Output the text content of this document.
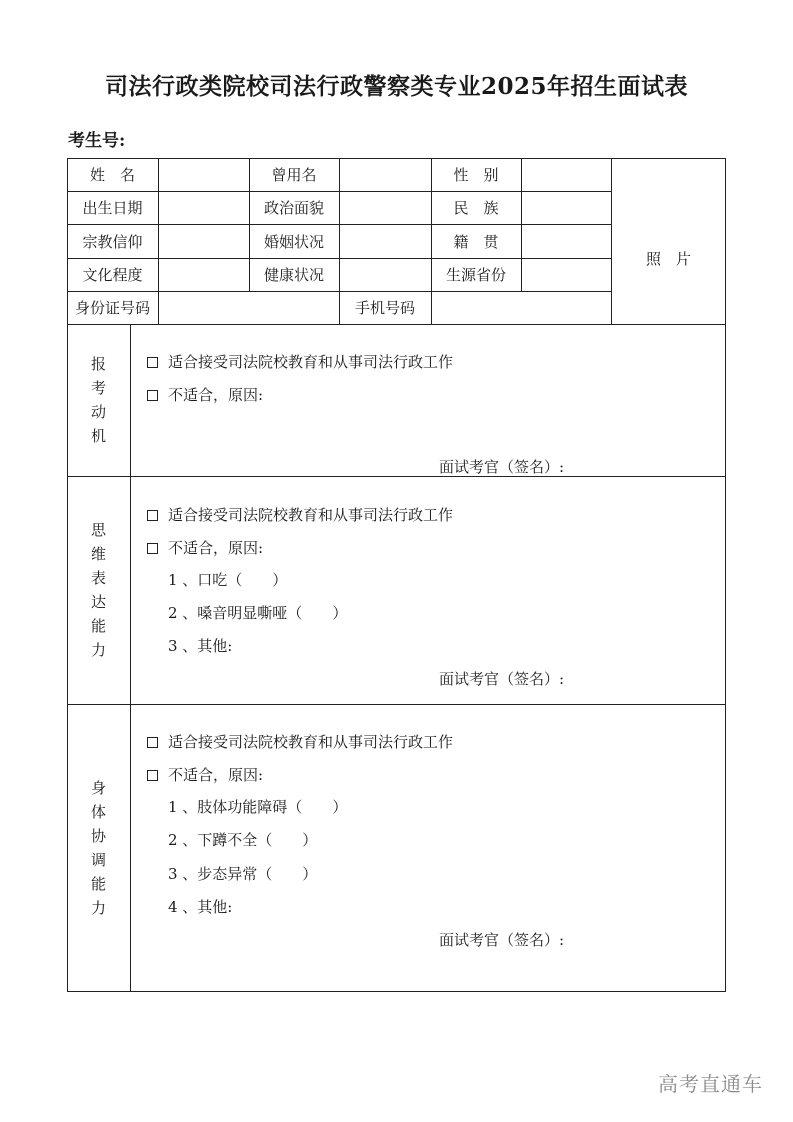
司法行政类院校司法行政警察类专业2025年招生面试表
考生号:
姓　名	曾用名	性　别
出生日期	政治面貌	民　族
宗教信仰	婚姻状况	籍　贯
文化程度	健康状况	生源省份
身份证号码	手机号码
照　片
报
考
动
机
适合接受司法院校教育和从事司法行政工作
不适合，原因:
面试考官（签名）:
思
维
表
达
能
力
适合接受司法院校教育和从事司法行政工作
不适合，原因:
1 、口吃（　　）
2 、嗓音明显嘶哑（　　）
3 、其他:
面试考官（签名）:
身
体
协
调
能
力
适合接受司法院校教育和从事司法行政工作
不适合，原因:
1 、肢体功能障碍（　　）
2 、下蹲不全（　　）
3 、步态异常（　　）
4 、其他:
面试考官（签名）:
高考直通车
